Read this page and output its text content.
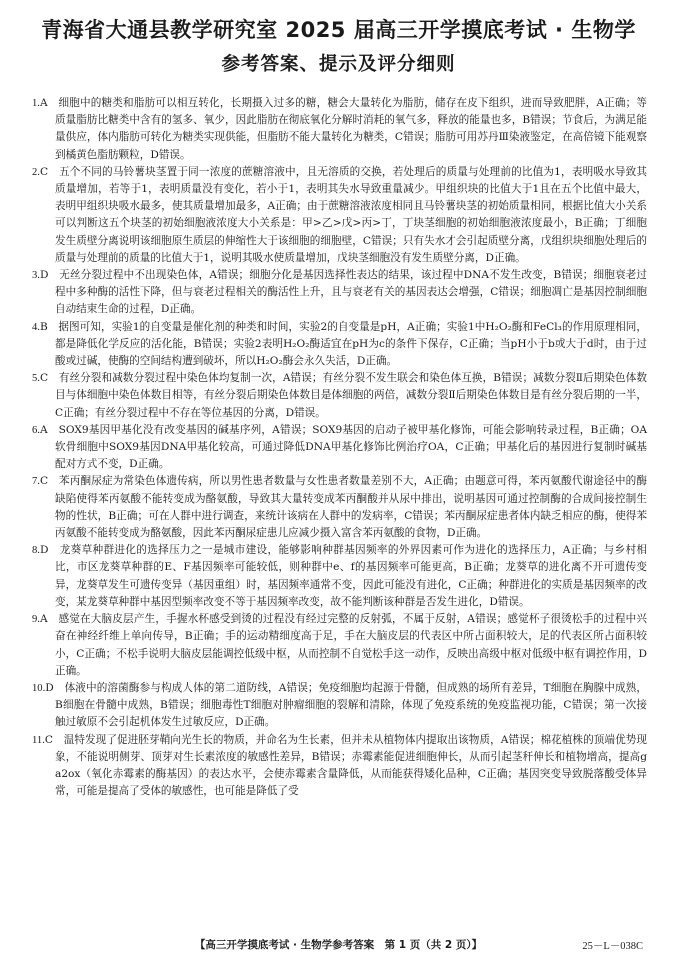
青海省大通县教学研究室 2025 届高三开学摸底考试 · 生物学
参考答案、提示及评分细则

1.A　细胞中的糖类和脂肪可以相互转化，长期摄入过多的糖，糖会大量转化为脂肪，储存在皮下组织，进而导致肥胖，A正确；等质量脂肪比糖类中含有的氢多、氧少，因此脂肪在彻底氧化分解时消耗的氧气多，释放的能量也多，B错误；节食后，为满足能量供应，体内脂肪可转化为糖类实现供能，但脂肪不能大量转化为糖类，C错误；脂肪可用苏丹Ⅲ染液鉴定，在高倍镜下能观察到橘黄色脂肪颗粒，D错误。

2.C　五个不同的马铃薯块茎置于同一浓度的蔗糖溶液中，且无溶质的交换，若处理后的质量与处理前的比值为1，表明吸水导致其质量增加，若等于1，表明质量没有变化，若小于1，表明其失水导致重量减少。甲组织块的比值大于1且在五个比值中最大，表明甲组织块吸水最多，使其质量增加最多，A正确；由于蔗糖溶液浓度相同且马铃薯块茎的初始质量相同，根据比值大小关系可以判断这五个块茎的初始细胞液浓度大小关系是：甲>乙>戊>丙>丁，丁块茎细胞的初始细胞液浓度最小，B正确；丁细胞发生质壁分离说明该细胞原生质层的伸缩性大于该细胞的细胞壁，C错误；只有失水才会引起质壁分离，戊组织块细胞处理后的质量与处理前的质量的比值大于1，说明其吸水使质量增加，戊块茎细胞没有发生质壁分离，D正确。

3.D　无丝分裂过程中不出现染色体，A错误；细胞分化是基因选择性表达的结果，该过程中DNA不发生改变，B错误；细胞衰老过程中多种酶的活性下降，但与衰老过程相关的酶活性上升，且与衰老有关的基因表达会增强，C错误；细胞凋亡是基因控制细胞自动结束生命的过程，D正确。

4.B　据图可知，实验1的自变量是催化剂的种类和时间，实验2的自变量是pH，A正确；实验1中H₂O₂酶和FeCl₃的作用原理相同，都是降低化学反应的活化能，B错误；实验2表明H₂O₂酶适宜在pH为c的条件下保存，C正确；当pH小于b或大于d时，由于过酸或过碱，使酶的空间结构遭到破坏，所以H₂O₂酶会永久失活，D正确。

5.C　有丝分裂和减数分裂过程中染色体均复制一次，A错误；有丝分裂不发生联会和染色体互换，B错误；减数分裂Ⅱ后期染色体数目与体细胞中染色体数目相等，有丝分裂后期染色体数目是体细胞的两倍，减数分裂Ⅱ后期染色体数目是有丝分裂后期的一半，C正确；有丝分裂过程中不存在等位基因的分离，D错误。

6.A　SOX9基因甲基化没有改变基因的碱基序列，A错误；SOX9基因的启动子被甲基化修饰，可能会影响转录过程，B正确；OA软骨细胞中SOX9基因DNA甲基化较高，可通过降低DNA甲基化修饰比例治疗OA，C正确；甲基化后的基因进行复制时碱基配对方式不变，D正确。

7.C　苯丙酮尿症为常染色体遗传病，所以男性患者数量与女性患者数量差别不大，A正确；由题意可得，苯丙氨酸代谢途径中的酶缺陷使得苯丙氨酸不能转变成为酪氨酸，导致其大量转变成苯丙酮酸并从尿中排出，说明基因可通过控制酶的合成间接控制生物的性状，B正确；可在人群中进行调查，来统计该病在人群中的发病率，C错误；苯丙酮尿症患者体内缺乏相应的酶，使得苯丙氨酸不能转变成为酪氨酸，因此苯丙酮尿症患儿应减少摄入富含苯丙氨酸的食物，D正确。

8.D　龙葵草种群进化的选择压力之一是城市建设，能够影响种群基因频率的外界因素可作为进化的选择压力，A正确；与乡村相比，市区龙葵草种群的E、F基因频率可能较低，则种群中e、f的基因频率可能更高，B正确；龙葵草的进化离不开可遗传变异，龙葵草发生可遗传变异（基因重组）时，基因频率通常不变，因此可能没有进化，C正确；种群进化的实质是基因频率的改变，某龙葵草种群中基因型频率改变不等于基因频率改变，故不能判断该种群是否发生进化，D错误。

9.A　感觉在大脑皮层产生，手握水杯感受到烫的过程没有经过完整的反射弧，不属于反射，A错误；感觉杯子很烫松手的过程中兴奋在神经纤维上单向传导，B正确；手的运动精细度高于足，手在大脑皮层的代表区中所占面积较大，足的代表区所占面积较小，C正确；不松手说明大脑皮层能调控低级中枢，从而控制不自觉松手这一动作，反映出高级中枢对低级中枢有调控作用，D正确。

10.D　体液中的溶菌酶参与构成人体的第二道防线，A错误；免疫细胞均起源于骨髓，但成熟的场所有差异，T细胞在胸腺中成熟，B细胞在骨髓中成熟，B错误；细胞毒性T细胞对肿瘤细胞的裂解和清除，体现了免疫系统的免疫监视功能，C错误；第一次接触过敏原不会引起机体发生过敏反应，D正确。

11.C　温特发现了促进胚芽鞘向光生长的物质，并命名为生长素，但并未从植物体内提取出该物质，A错误；棉花植株的顶端优势现象，不能说明侧芽、顶芽对生长素浓度的敏感性差异，B错误；赤霉素能促进细胞伸长，从而引起茎秆伸长和植物增高，提高ga2ox（氧化赤霉素的酶基因）的表达水平，会使赤霉素含量降低，从而能获得矮化品种，C正确；基因突变导致脱落酸受体异常，可能是提高了受体的敏感性，也可能是降低了受

【高三开学摸底考试 · 生物学参考答案　第 1 页（共 2 页）】	25－L－038C
